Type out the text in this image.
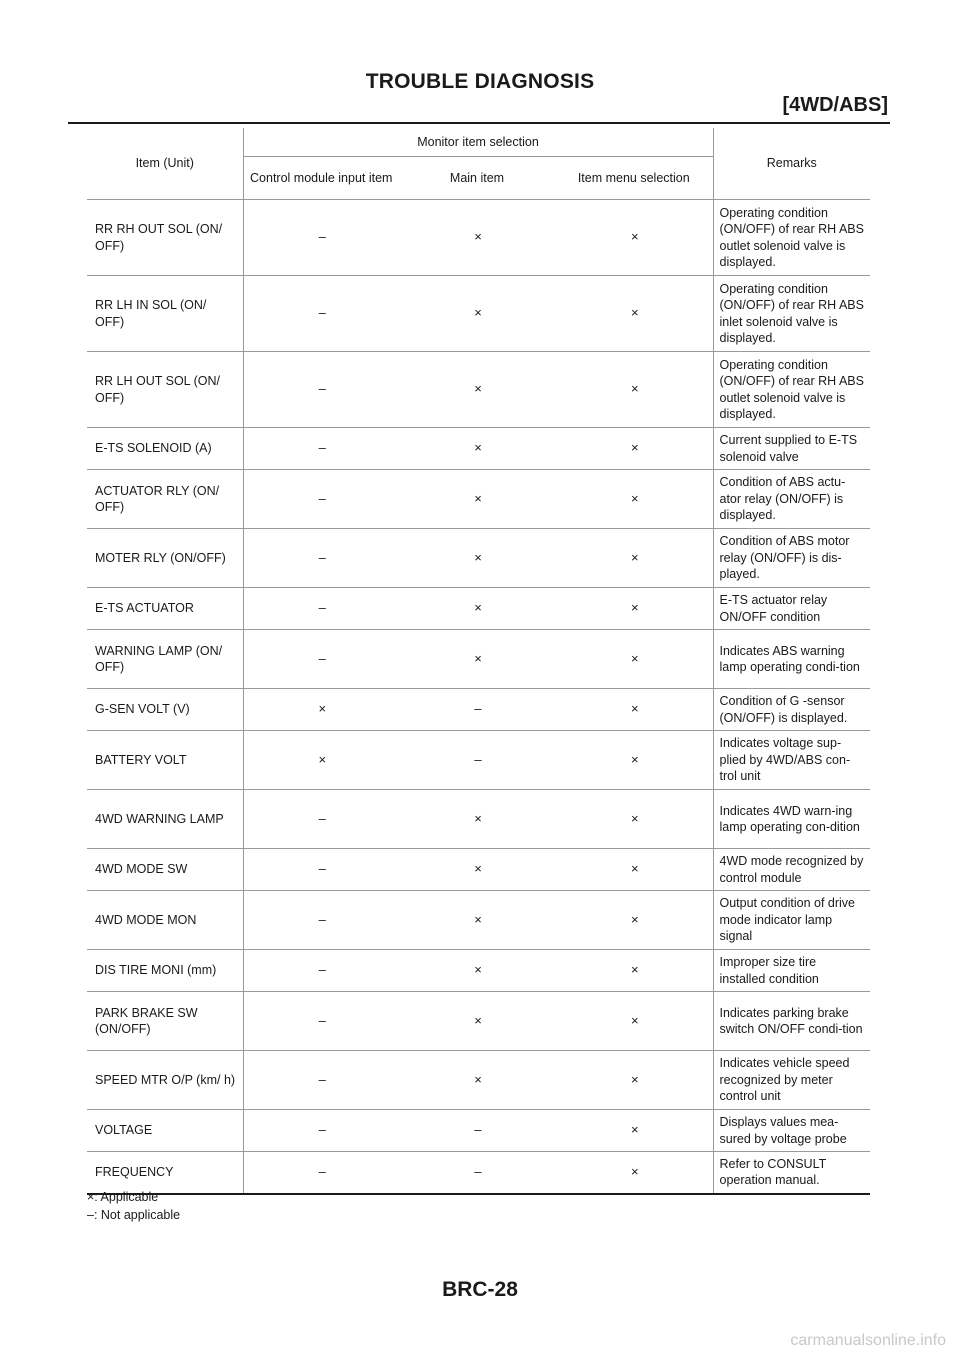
TROUBLE DIAGNOSIS
[4WD/ABS]
Item (Unit)	Monitor item selection			Remarks
	Control module input item	Main item	Item menu selection	
RR RH OUT SOL (ON/ OFF)	–	×	×	Operating condition (ON/OFF) of rear RH ABS outlet solenoid valve is displayed.
RR LH IN SOL (ON/ OFF)	–	×	×	Operating condition (ON/OFF) of rear RH ABS inlet solenoid valve is displayed.
RR LH OUT SOL (ON/ OFF)	–	×	×	Operating condition (ON/OFF) of rear RH ABS outlet solenoid valve is displayed.
E-TS SOLENOID (A)	–	×	×	Current supplied to E-TS solenoid valve
ACTUATOR RLY (ON/ OFF)	–	×	×	Condition of ABS actu-ator relay (ON/OFF) is displayed.
MOTER RLY (ON/OFF)	–	×	×	Condition of ABS motor relay (ON/OFF) is dis-played.
E-TS ACTUATOR	–	×	×	E-TS actuator relay ON/OFF condition
WARNING LAMP (ON/ OFF)	–	×	×	Indicates ABS warning lamp operating condi-tion
G-SEN VOLT (V)	×	–	×	Condition of G -sensor (ON/OFF) is displayed.
BATTERY VOLT	×	–	×	Indicates voltage sup-plied by 4WD/ABS con-trol unit
4WD WARNING LAMP	–	×	×	Indicates 4WD warn-ing lamp operating con-dition
4WD MODE SW	–	×	×	4WD mode recognized by control module
4WD MODE MON	–	×	×	Output condition of drive mode indicator lamp signal
DIS TIRE MONI (mm)	–	×	×	Improper size tire installed condition
PARK BRAKE SW (ON/OFF)	–	×	×	Indicates parking brake switch ON/OFF condi-tion
SPEED MTR O/P (km/ h)	–	×	×	Indicates vehicle speed recognized by meter control unit
VOLTAGE	–	–	×	Displays values mea-sured by voltage probe
FREQUENCY	–	–	×	Refer to CONSULT operation manual.
×: Applicable
–: Not applicable
BRC-28
carmanualsonline.info
